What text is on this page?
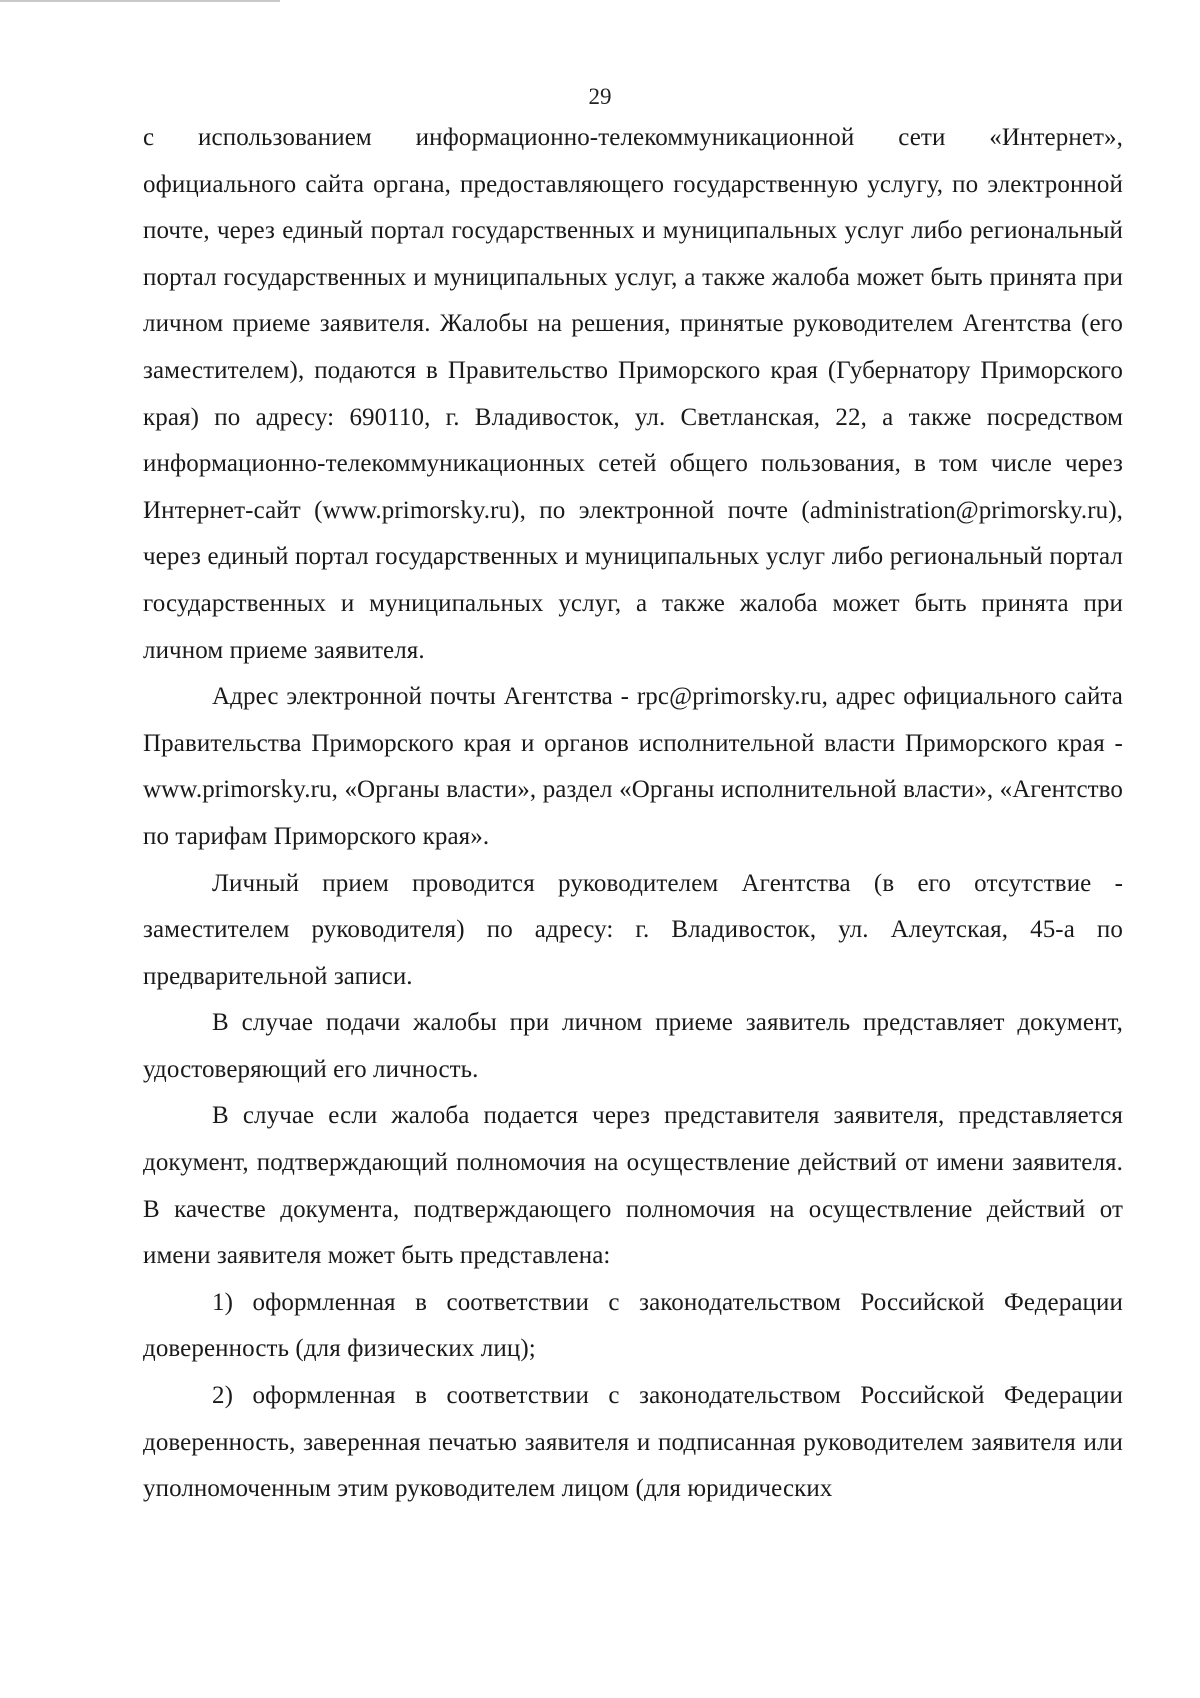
29

с использованием информационно-телекоммуникационной сети «Интернет», официального сайта органа, предоставляющего государственную услугу, по электронной почте, через единый портал государственных и муниципальных услуг либо региональный портал государственных и муниципальных услуг, а также жалоба может быть принята при личном приеме заявителя. Жалобы на решения, принятые руководителем Агентства (его заместителем), подаются в Правительство Приморского края (Губернатору Приморского края) по адресу: 690110, г. Владивосток, ул. Светланская, 22, а также посредством информационно-телекоммуникационных сетей общего пользования, в том числе через Интернет-сайт (www.primorsky.ru), по электронной почте (administration@primorsky.ru), через единый портал государственных и муниципальных услуг либо региональный портал государственных и муниципальных услуг, а также жалоба может быть принята при личном приеме заявителя.

Адрес электронной почты Агентства - rpc@primorsky.ru, адрес официального сайта Правительства Приморского края и органов исполнительной власти Приморского края - www.primorsky.ru, «Органы власти», раздел «Органы исполнительной власти», «Агентство по тарифам Приморского края».

Личный прием проводится руководителем Агентства (в его отсутствие - заместителем руководителя) по адресу: г. Владивосток, ул. Алеутская, 45-а по предварительной записи.

В случае подачи жалобы при личном приеме заявитель представляет документ, удостоверяющий его личность.

В случае если жалоба подается через представителя заявителя, представляется документ, подтверждающий полномочия на осуществление действий от имени заявителя. В качестве документа, подтверждающего полномочия на осуществление действий от имени заявителя может быть представлена:

1) оформленная в соответствии с законодательством Российской Федерации доверенность (для физических лиц);

2) оформленная в соответствии с законодательством Российской Федерации доверенность, заверенная печатью заявителя и подписанная руководителем заявителя или уполномоченным этим руководителем лицом (для юридических
